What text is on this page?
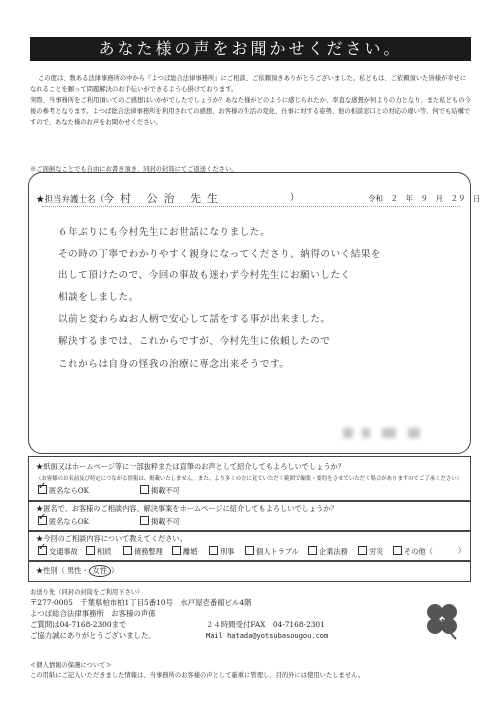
あなた様の声をお聞かせください。
この度は、数ある法律事務所の中から『よつば総合法律事務所』にご相談、ご依頼頂きありがとうございました。私どもは、ご依頼頂いた皆様が幸せになれることを願って問題解決のお手伝いができるよう心掛けております。
実際、当事務所をご利用頂いてのご感想はいかがでしたでしょうか？あなた様がどのように感じられたか、率直な感想が何よりの力となり、また私どもの今後の参考となります。よつば総合法律事務所を利用されての感想、お客様の生活の変化、仕事に対する姿勢、他の相談窓口との対応の違い等、何でも結構ですので、あなた様のお声をお聞かせください。
※ご面倒なことでも自由にお書き頂き、同封の封筒にてご返送ください。
★担当弁護士名（
今村 公治 先生	）	令和　２　年　９　月　２９　日
６年ぶりにも今村先生にお世話になりました。
その時の丁寧でわかりやすく親身になってくださり、納得のいく結果を
出して頂けたので、今回の事故も迷わず今村先生にお願いしたく
相談をしました。
以前と変わらぬお人柄で安心して話をする事が出来ました。
解決するまでは、これからですが、今村先生に依頼したので
これからは自身の怪我の治療に専念出来そうです。
★紙面又はホームページ等に一部抜粋または直筆のお声として紹介してもよろしいでしょうか？
（お客様のお名前及び特定につながる情報は、掲載いたしません。また、より多くの方に見ていただく範囲で編集・要約をさせていただく場合がありますのでご了承ください）
✓匿名ならOK	掲載不可
★匿名で、お客様のご相談内容、解決事案をホームページに紹介してもよろしいでしょうか？
✓匿名ならOK	掲載不可
★今回のご相談内容について教えてください。
✓交通事故	相続	債務整理	離婚	刑事	個人トラブル	企業法務	労災	その他（	）
★性別（ 男性・ 女性 ）
お送り先（同封の封筒をご利用下さい）
〒277-0005　千葉県柏市柏1丁目5番10号　水戸屋壱番館ビル4階
よつば総合法律事務所　お客様の声係
ご質問は04-7168-2300まで	２４時間受付FAX　04-7168-2301
ご協力誠にありがとうございました。	Mail hatada@yotsubasougou.com
≪個人情報の保護について≫
この用紙にご記入いただきました情報は、当事務所のお客様の声として厳重に管理し、目的外には使用いたしません。
